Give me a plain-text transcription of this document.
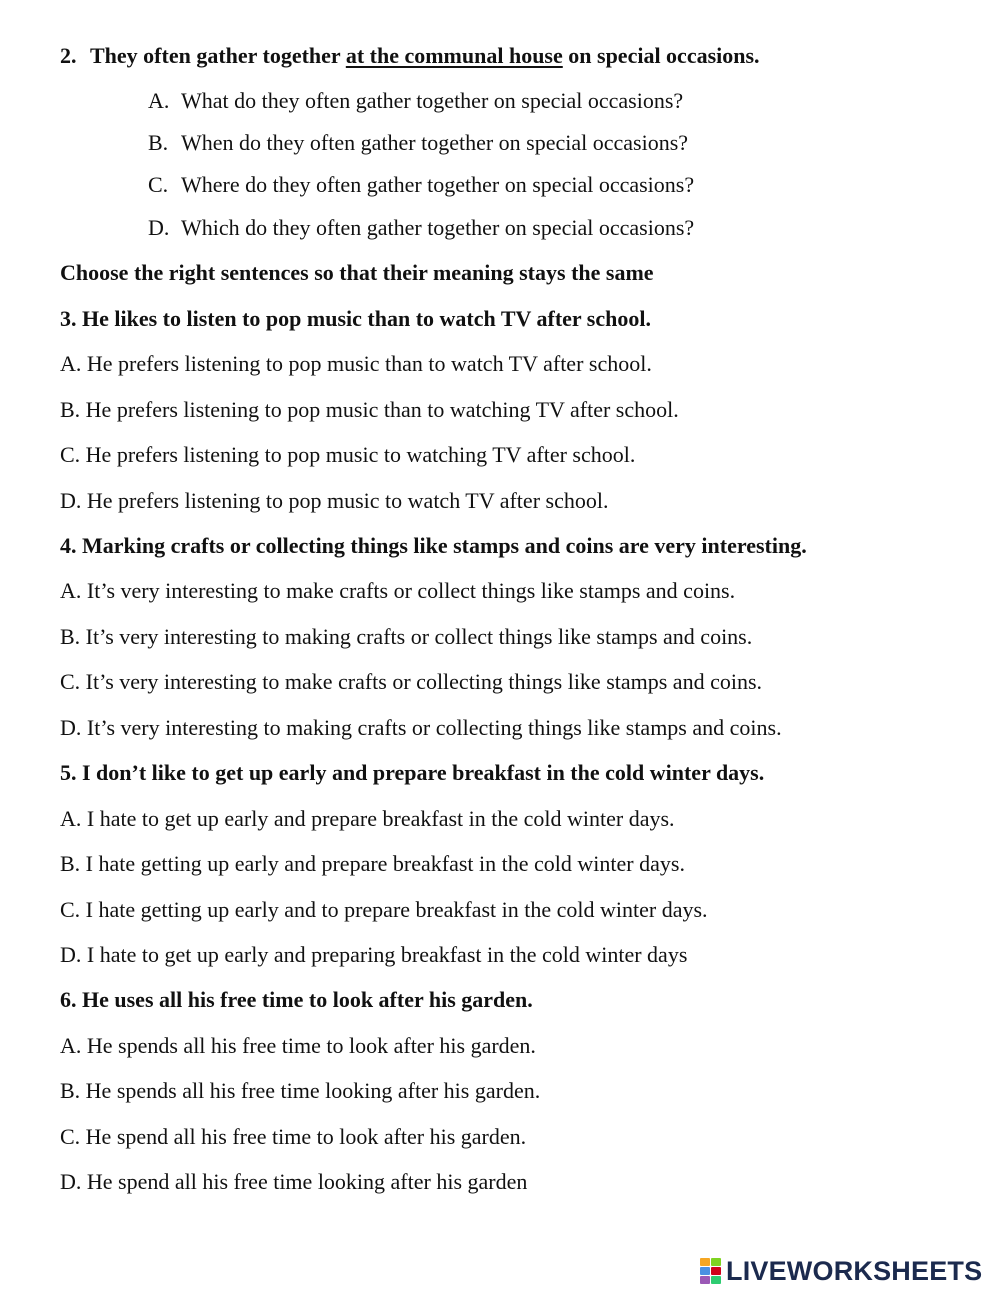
2. They often gather together at the communal house on special occasions.
A. What do they often gather together on special occasions?
B. When do they often gather together on special occasions?
C. Where do they often gather together on special occasions?
D. Which do they often gather together on special occasions?
Choose the right sentences so that their meaning stays the same
3. He likes to listen to pop music than to watch TV after school.
A. He prefers listening to pop music than to watch TV after school.
B. He prefers listening to pop music than to watching TV after school.
C. He prefers listening to pop music to watching TV after school.
D. He prefers listening to pop music to watch TV after school.
4. Marking crafts or collecting things like stamps and coins are very interesting.
A. It’s very interesting to make crafts or collect things like stamps and coins.
B. It’s very interesting to making crafts or collect things like stamps and coins.
C. It’s very interesting to make crafts or collecting things like stamps and coins.
D. It’s very interesting to making crafts or collecting things like stamps and coins.
5. I don’t like to get up early and prepare breakfast in the cold winter days.
A. I hate to get up early and prepare breakfast in the cold winter days.
B. I hate getting up early and prepare breakfast in the cold winter days.
C. I hate getting up early and to prepare breakfast in the cold winter days.
D. I hate to get up early and preparing breakfast in the cold winter days
6. He uses all his free time to look after his garden.
A. He spends all his free time to look after his garden.
B. He spends all his free time looking after his garden.
C. He spend all his free time to look after his garden.
D. He spend all his free time looking after his garden
LIVEWORKSHEETS
